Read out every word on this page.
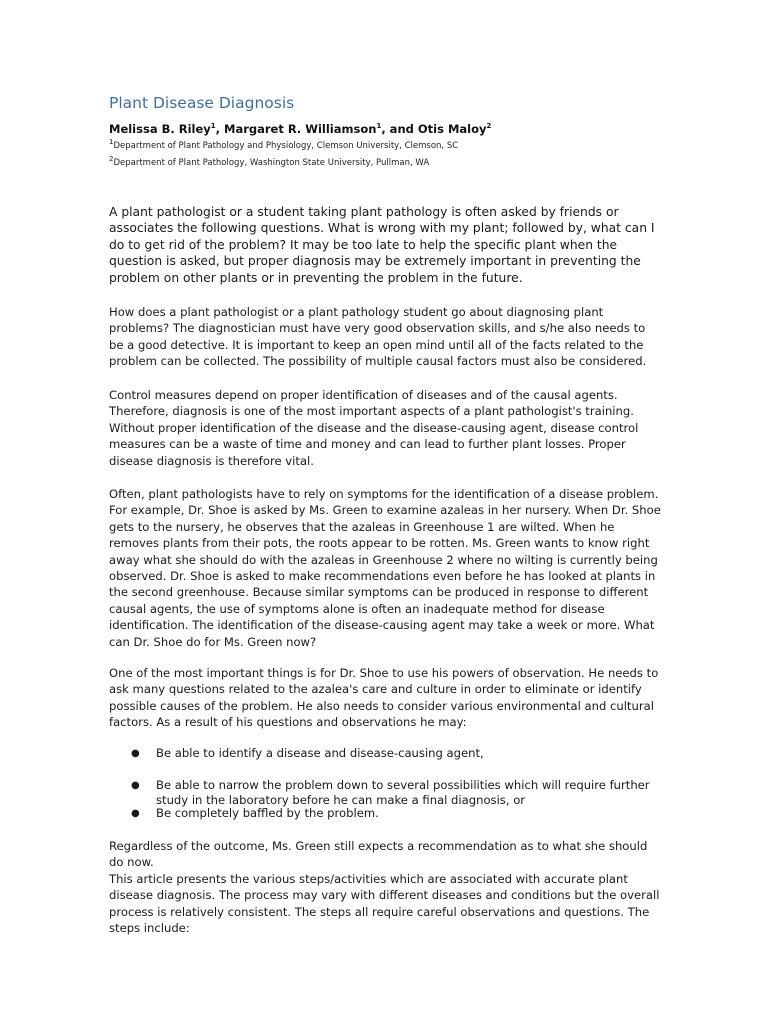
Plant Disease Diagnosis
Melissa B. Riley$^1$, Margaret R. Williamson$^1$, and Otis Maloy$^2$
$^1$Department of Plant Pathology and Physiology, Clemson University, Clemson, SC
$^2$Department of Plant Pathology, Washington State University, Pullman, WA

A plant pathologist or a student taking plant pathology is often asked by friends or associates the following questions. What is wrong with my plant; followed by, what can I do to get rid of the problem? It may be too late to help the specific plant when the question is asked, but proper diagnosis may be extremely important in preventing the problem on other plants or in preventing the problem in the future.

How does a plant pathologist or a plant pathology student go about diagnosing plant problems? The diagnostician must have very good observation skills, and s/he also needs to be a good detective. It is important to keep an open mind until all of the facts related to the problem can be collected. The possibility of multiple causal factors must also be considered.

Control measures depend on proper identification of diseases and of the causal agents. Therefore, diagnosis is one of the most important aspects of a plant pathologist's training. Without proper identification of the disease and the disease-causing agent, disease control measures can be a waste of time and money and can lead to further plant losses. Proper disease diagnosis is therefore vital.

Often, plant pathologists have to rely on symptoms for the identification of a disease problem. For example, Dr. Shoe is asked by Ms. Green to examine azaleas in her nursery. When Dr. Shoe gets to the nursery, he observes that the azaleas in Greenhouse 1 are wilted. When he removes plants from their pots, the roots appear to be rotten. Ms. Green wants to know right away what she should do with the azaleas in Greenhouse 2 where no wilting is currently being observed. Dr. Shoe is asked to make recommendations even before he has looked at plants in the second greenhouse. Because similar symptoms can be produced in response to different causal agents, the use of symptoms alone is often an inadequate method for disease identification. The identification of the disease-causing agent may take a week or more. What can Dr. Shoe do for Ms. Green now?

One of the most important things is for Dr. Shoe to use his powers of observation. He needs to ask many questions related to the azalea's care and culture in order to eliminate or identify possible causes of the problem. He also needs to consider various environmental and cultural factors. As a result of his questions and observations he may:

● Be able to identify a disease and disease-causing agent,
● Be able to narrow the problem down to several possibilities which will require further study in the laboratory before he can make a final diagnosis, or
● Be completely baffled by the problem.

Regardless of the outcome, Ms. Green still expects a recommendation as to what she should do now.

This article presents the various steps/activities which are associated with accurate plant disease diagnosis. The process may vary with different diseases and conditions but the overall process is relatively consistent. The steps all require careful observations and questions. The steps include:
